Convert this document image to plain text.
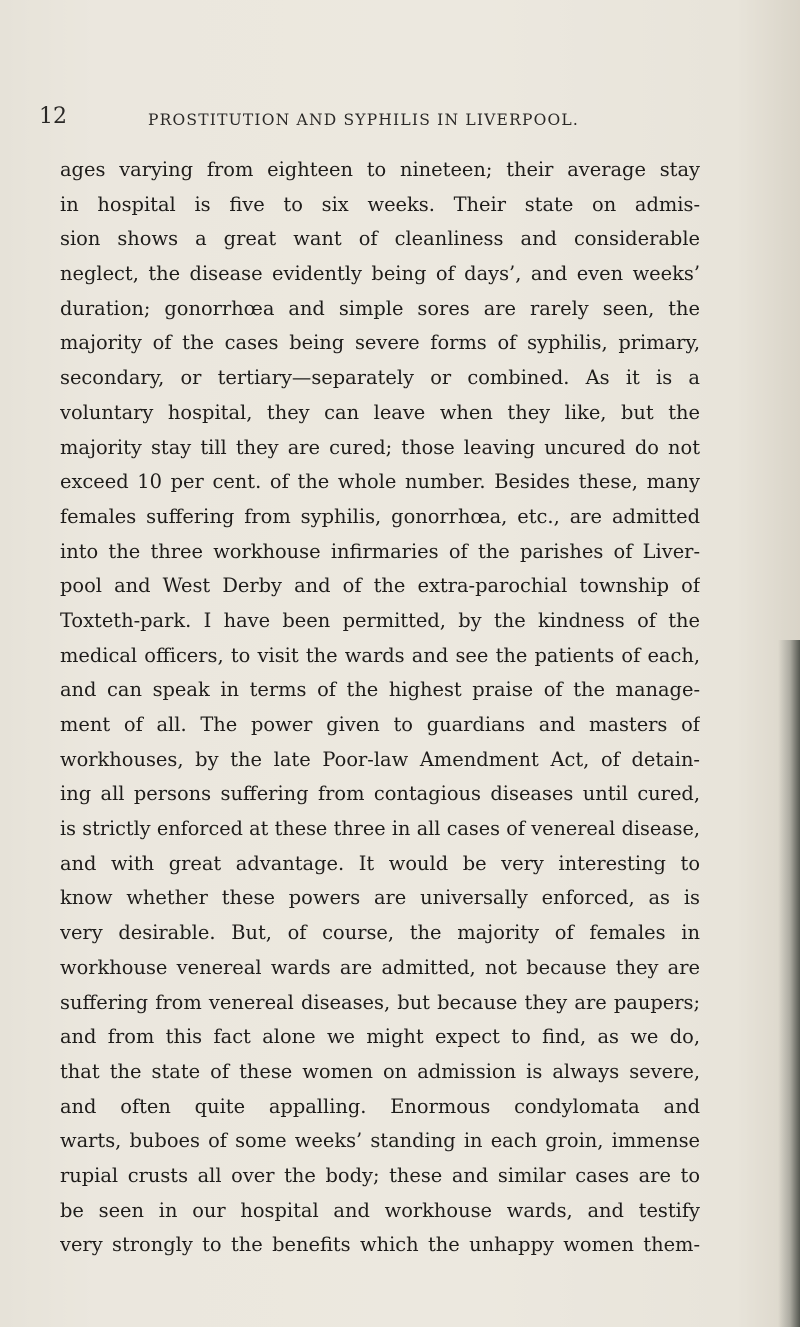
12	PROSTITUTION AND SYPHILIS IN LIVERPOOL.
ages varying from eighteen to nineteen; their average stay
in hospital is five to six weeks. Their state on admis-
sion shows a great want of cleanliness and considerable
neglect, the disease evidently being of days’, and even weeks’
duration; gonorrhœa and simple sores are rarely seen, the
majority of the cases being severe forms of syphilis, primary,
secondary, or tertiary—separately or combined. As it is a
voluntary hospital, they can leave when they like, but the
majority stay till they are cured; those leaving uncured do not
exceed 10 per cent. of the whole number. Besides these, many
females suffering from syphilis, gonorrhœa, etc., are admitted
into the three workhouse infirmaries of the parishes of Liver-
pool and West Derby and of the extra-parochial township of
Toxteth-park. I have been permitted, by the kindness of the
medical officers, to visit the wards and see the patients of each,
and can speak in terms of the highest praise of the manage-
ment of all. The power given to guardians and masters of
workhouses, by the late Poor-law Amendment Act, of detain-
ing all persons suffering from contagious diseases until cured,
is strictly enforced at these three in all cases of venereal disease,
and with great advantage. It would be very interesting to
know whether these powers are universally enforced, as is
very desirable. But, of course, the majority of females in
workhouse venereal wards are admitted, not because they are
suffering from venereal diseases, but because they are paupers;
and from this fact alone we might expect to find, as we do,
that the state of these women on admission is always severe,
and often quite appalling. Enormous condylomata and
warts, buboes of some weeks’ standing in each groin, immense
rupial crusts all over the body; these and similar cases are to
be seen in our hospital and workhouse wards, and testify
very strongly to the benefits which the unhappy women them-
